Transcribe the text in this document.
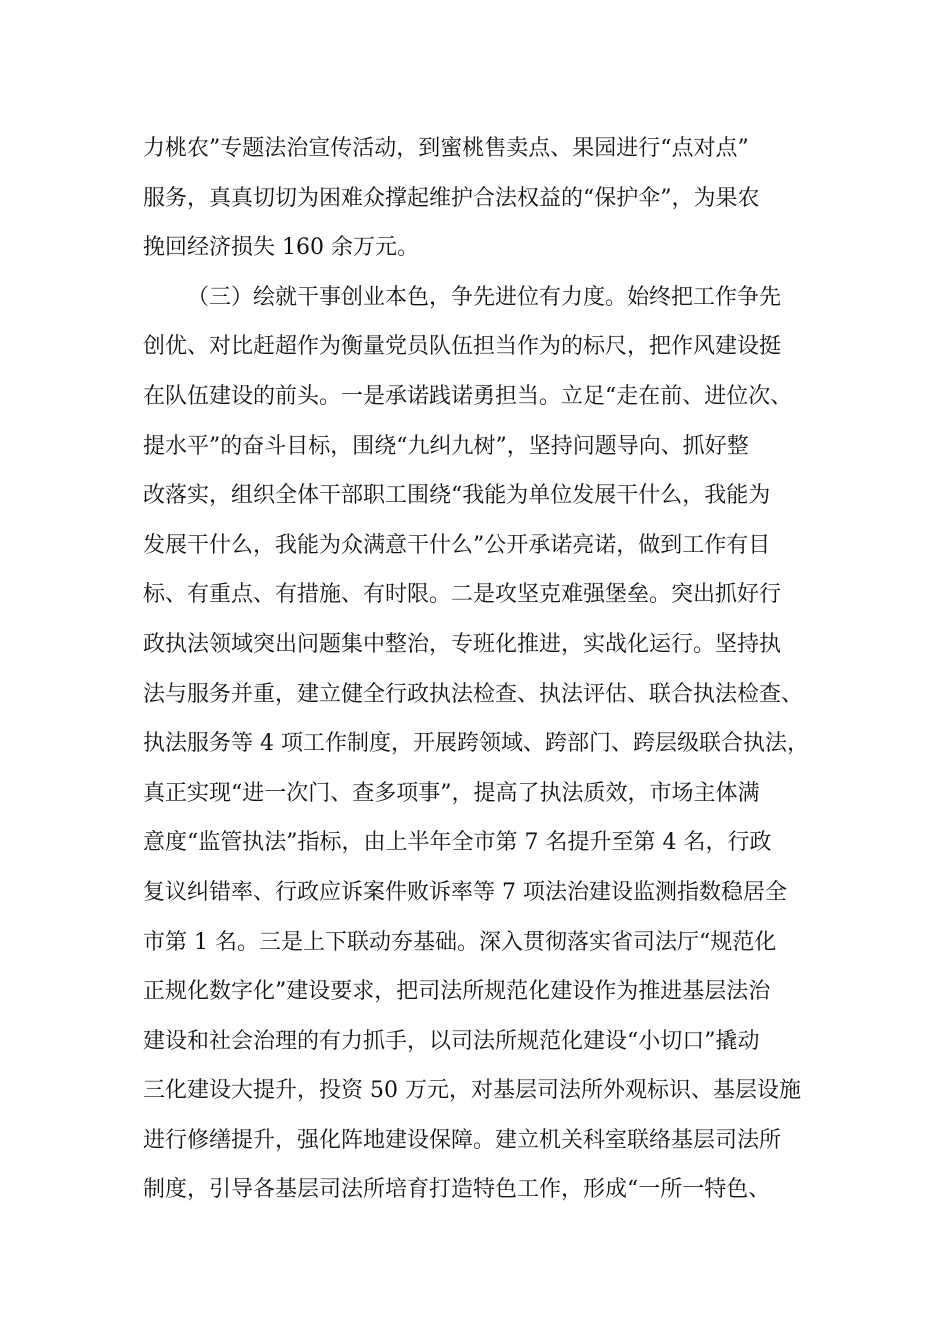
力桃农”专题法治宣传活动，到蜜桃售卖点、果园进行“点对点”
服务，真真切切为困难众撑起维护合法权益的“保护伞”，为果农
挽回经济损失 160 余万元。
（三）绘就干事创业本色，争先进位有力度。始终把工作争先
创优、对比赶超作为衡量党员队伍担当作为的标尺，把作风建设挺
在队伍建设的前头。一是承诺践诺勇担当。立足“走在前、进位次、
提水平”的奋斗目标，围绕“九纠九树”，坚持问题导向、抓好整
改落实，组织全体干部职工围绕“我能为单位发展干什么，我能为
发展干什么，我能为众满意干什么”公开承诺亮诺，做到工作有目
标、有重点、有措施、有时限。二是攻坚克难强堡垒。突出抓好行
政执法领域突出问题集中整治，专班化推进，实战化运行。坚持执
法与服务并重，建立健全行政执法检查、执法评估、联合执法检查、
执法服务等 4 项工作制度，开展跨领域、跨部门、跨层级联合执法，
真正实现“进一次门、查多项事”，提高了执法质效，市场主体满
意度“监管执法”指标，由上半年全市第 7 名提升至第 4 名，行政
复议纠错率、行政应诉案件败诉率等 7 项法治建设监测指数稳居全
市第 1 名。三是上下联动夯基础。深入贯彻落实省司法厅“规范化
正规化数字化”建设要求，把司法所规范化建设作为推进基层法治
建设和社会治理的有力抓手，以司法所规范化建设“小切口”撬动
三化建设大提升，投资 50 万元，对基层司法所外观标识、基层设施
进行修缮提升，强化阵地建设保障。建立机关科室联络基层司法所
制度，引导各基层司法所培育打造特色工作，形成“一所一特色、
